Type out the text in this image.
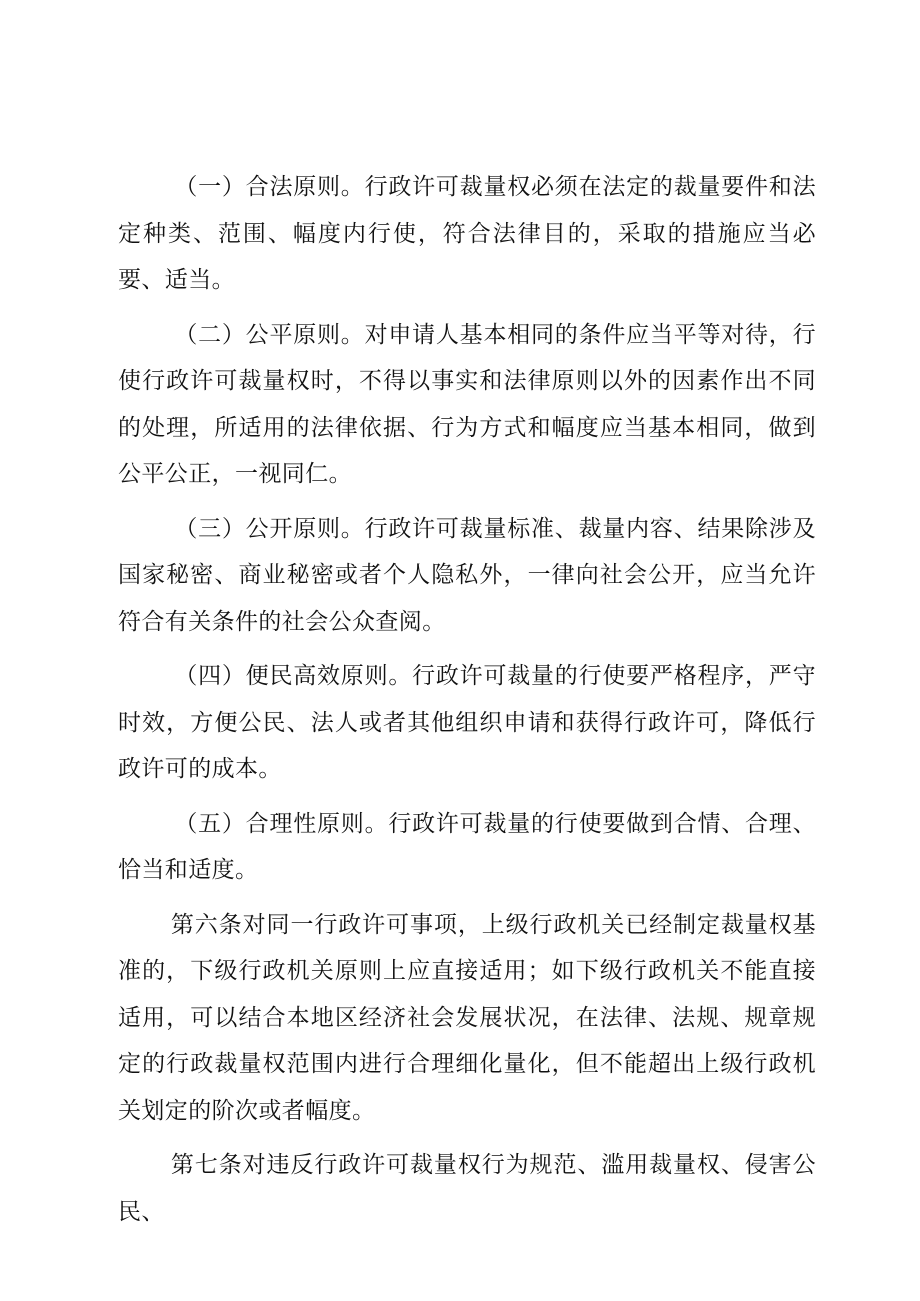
（一）合法原则。行政许可裁量权必须在法定的裁量要件和法定种类、范围、幅度内行使，符合法律目的，采取的措施应当必要、适当。

（二）公平原则。对申请人基本相同的条件应当平等对待，行使行政许可裁量权时，不得以事实和法律原则以外的因素作出不同的处理，所适用的法律依据、行为方式和幅度应当基本相同，做到公平公正，一视同仁。

（三）公开原则。行政许可裁量标准、裁量内容、结果除涉及国家秘密、商业秘密或者个人隐私外，一律向社会公开，应当允许符合有关条件的社会公众查阅。

（四）便民高效原则。行政许可裁量的行使要严格程序，严守时效，方便公民、法人或者其他组织申请和获得行政许可，降低行政许可的成本。

（五）合理性原则。行政许可裁量的行使要做到合情、合理、恰当和适度。

第六条对同一行政许可事项，上级行政机关已经制定裁量权基准的，下级行政机关原则上应直接适用；如下级行政机关不能直接适用，可以结合本地区经济社会发展状况，在法律、法规、规章规定的行政裁量权范围内进行合理细化量化，但不能超出上级行政机关划定的阶次或者幅度。

第七条对违反行政许可裁量权行为规范、滥用裁量权、侵害公民、
